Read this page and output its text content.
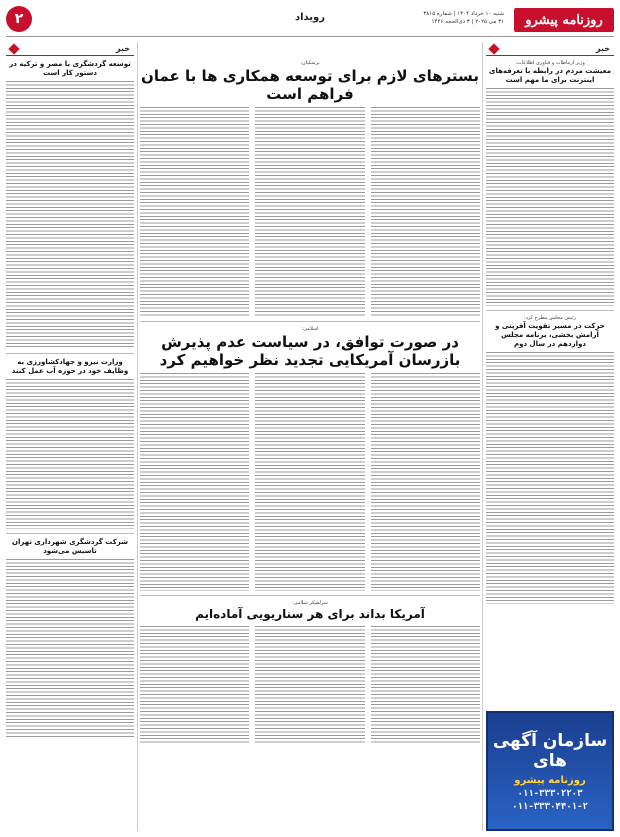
۲	رویداد	شنبه ۱۰ خرداد ۱۴۰۴ | شماره ۳۸۱۵
۳۱ می ۲۰۲۵ | ۳ ذی‌الحجه ۱۴۴۶	روزنامه پیشرو
خبر
خبر
وزیر ارتباطات و فناوری اطلاعات:
معیشت مردم در رابطه با تعرفه‌های اینترنت برای ما مهم است
رئیس مجلس مطرح کرد:
حرکت در مسیر تقویت آفرینی و آرامش بخشی، برنامه مجلس دوازدهم در سال دوم
سازمان آگهی های
روزنامه پیشرو
۰۱۱-۳۳۳۰۲۲۰۳
۰۱۱-۳۳۳۰۴۴۰۱-۲
پزشکیان:
بسترهای لازم برای توسعه همکاری ها با عمان فراهم است
اسلامی:
در صورت توافق، در سیاست عدم پذیرش بازرسان آمریکایی تجدید نظر خواهیم کرد
سرلشکر سلامی:
آمریکا بداند برای هر سناریویی آماده‌ایم
توسعه گردشگری با مصر و ترکیه در دستور کار است
وزارت نیرو و جهادکشاورزی به وظایف خود در حوزه آب عمل کنند
شرکت گردشگری شهرداری تهران تاسیس می‌شود
